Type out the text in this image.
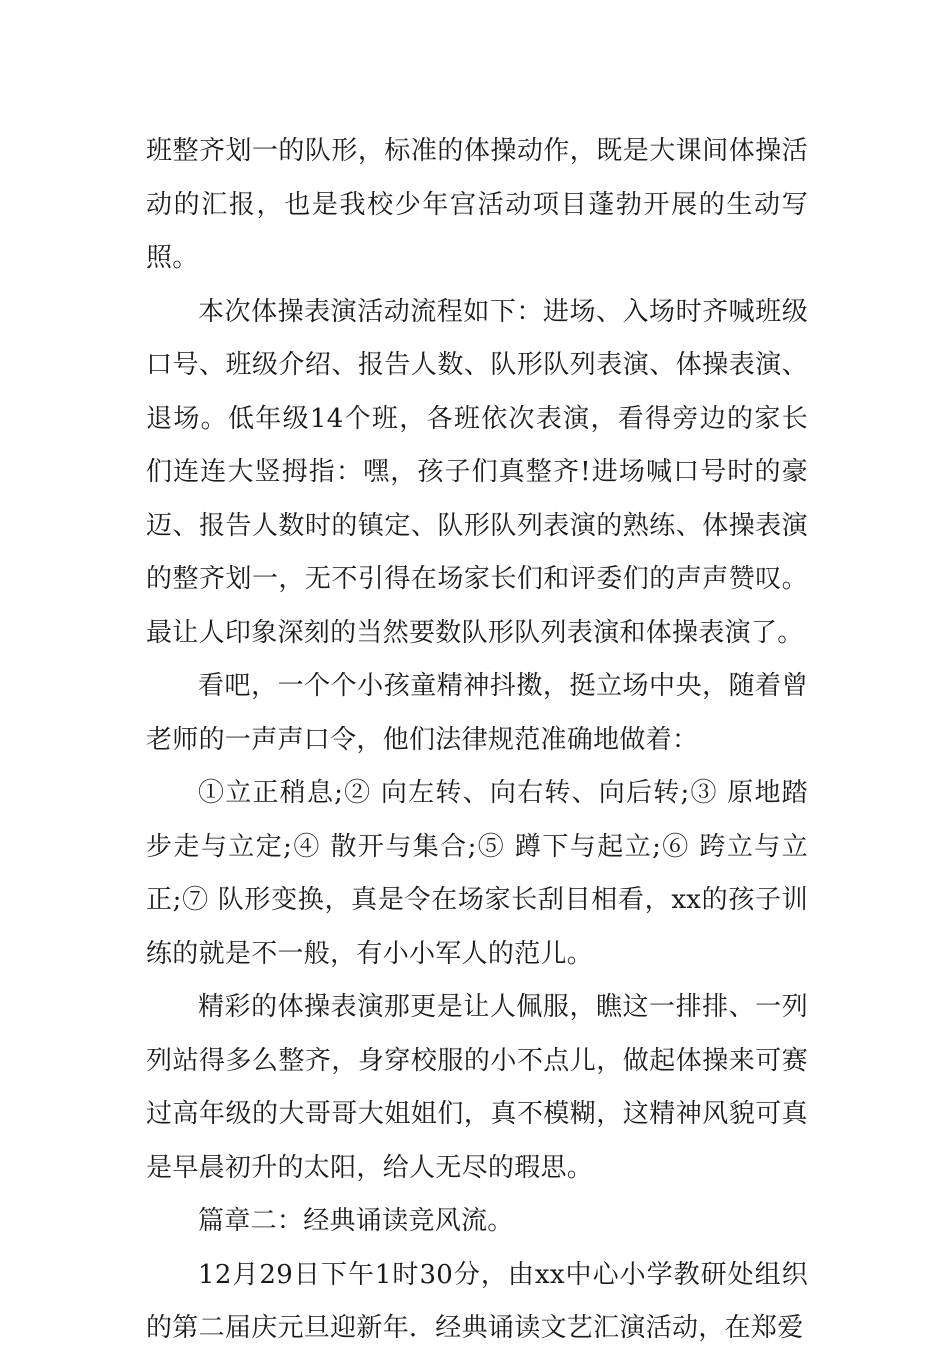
班整齐划一的队形，标准的体操动作，既是大课间体操活动的汇报，也是我校少年宫活动项目蓬勃开展的生动写照。

本次体操表演活动流程如下：进场、入场时齐喊班级口号、班级介绍、报告人数、队形队列表演、体操表演、退场。低年级14个班，各班依次表演，看得旁边的家长们连连大竖拇指：嘿，孩子们真整齐!进场喊口号时的豪迈、报告人数时的镇定、队形队列表演的熟练、体操表演的整齐划一，无不引得在场家长们和评委们的声声赞叹。最让人印象深刻的当然要数队形队列表演和体操表演了。

看吧，一个个小孩童精神抖擞，挺立场中央，随着曾老师的一声声口令，他们法律规范准确地做着：

①立正稍息;② 向左转、向右转、向后转;③ 原地踏步走与立定;④ 散开与集合;⑤ 蹲下与起立;⑥ 跨立与立正;⑦ 队形变换，真是令在场家长刮目相看，xx的孩子训练的就是不一般，有小小军人的范儿。

精彩的体操表演那更是让人佩服，瞧这一排排、一列列站得多么整齐，身穿校服的小不点儿，做起体操来可赛过高年级的大哥哥大姐姐们，真不模糊，这精神风貌可真是早晨初升的太阳，给人无尽的瑕思。

篇章二：经典诵读竞风流。

12月29日下午1时30分，由xx中心小学教研处组织的第二届庆元旦迎新年．经典诵读文艺汇演活动，在郑爱
